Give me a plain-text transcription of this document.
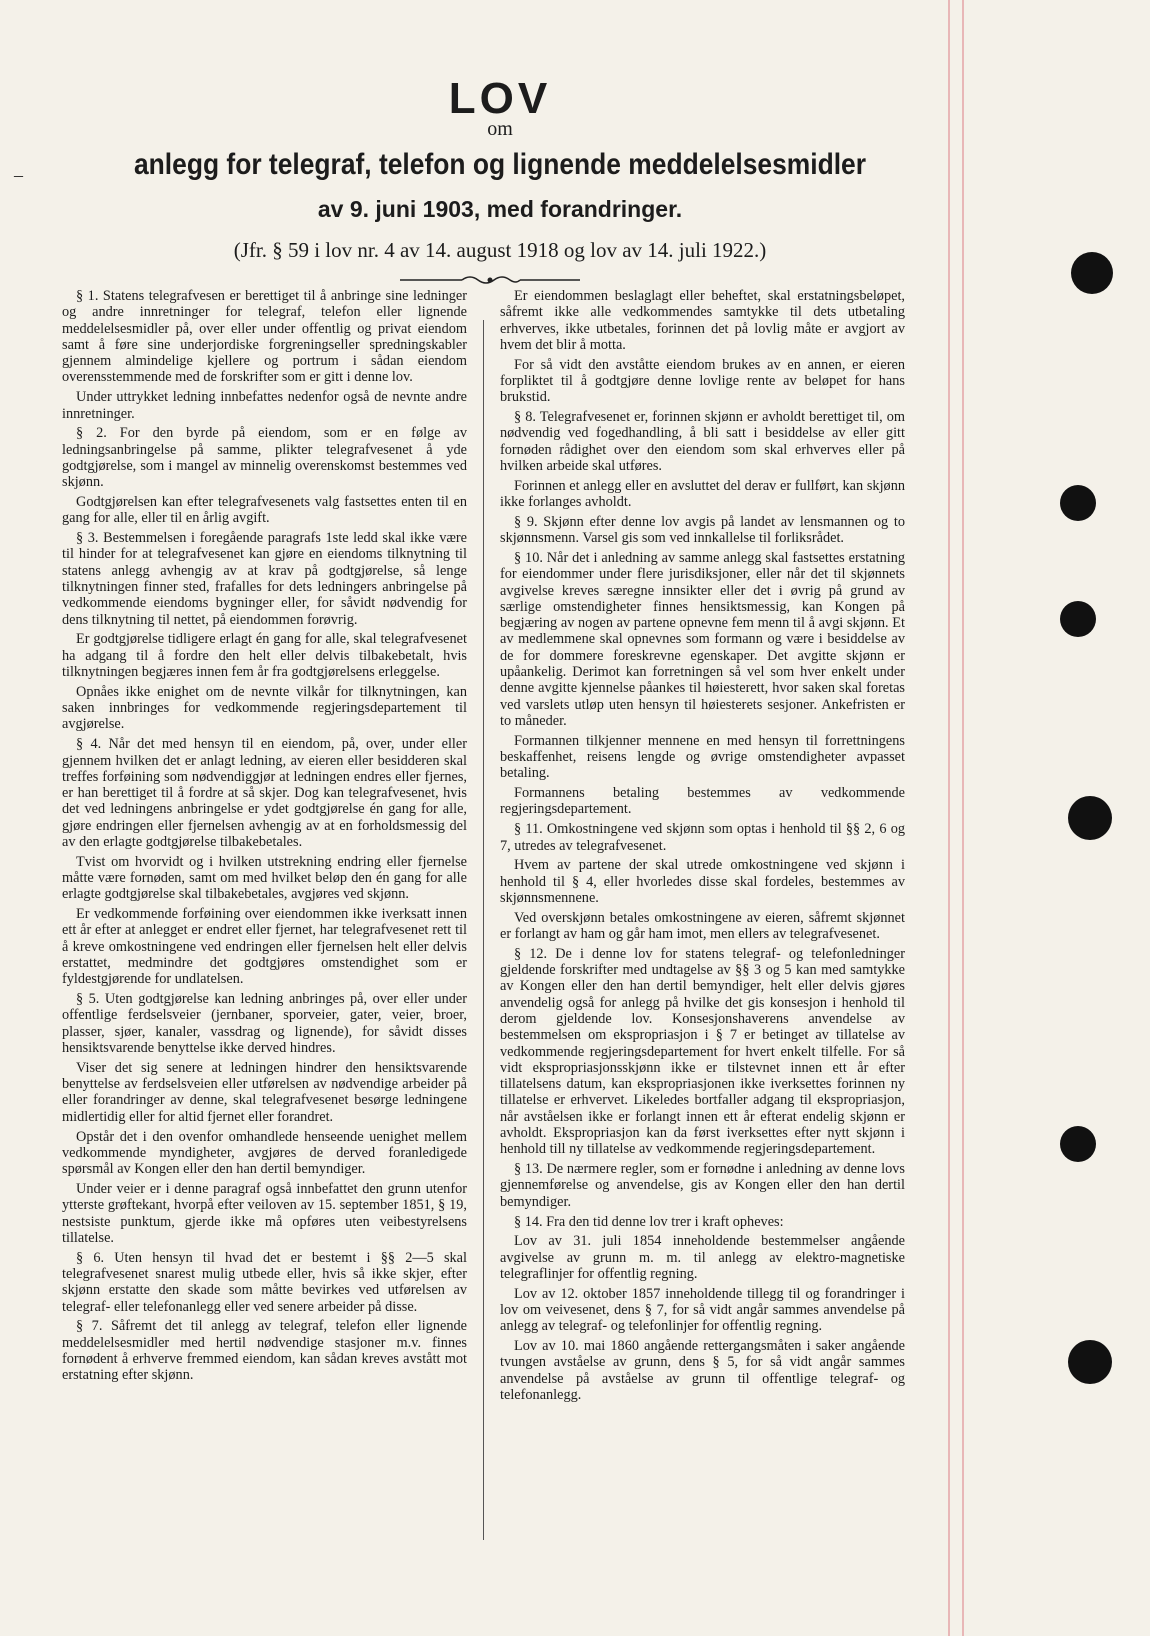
–
LOV
om
anlegg for telegraf, telefon og lignende meddelelsesmidler
av 9. juni 1903, med forandringer.
(Jfr. § 59 i lov nr. 4 av 14. august 1918 og lov av 14. juli 1922.)

§ 1. Statens telegrafvesen er berettiget til å anbringe sine ledninger og andre innretninger for telegraf, telefon eller lignende meddelelsesmidler på, over eller under offentlig og privat eiendom samt å føre sine underjordiske forgreningseller spredningskabler gjennem almindelige kjellere og portrum i sådan eiendom overensstemmende med de forskrifter som er gitt i denne lov.

Under uttrykket ledning innbefattes nedenfor også de nevnte andre innretninger.

§ 2. For den byrde på eiendom, som er en følge av ledningsanbringelse på samme, plikter telegrafvesenet å yde godtgjørelse, som i mangel av minnelig overenskomst bestemmes ved skjønn.

Godtgjørelsen kan efter telegrafvesenets valg fastsettes enten til en gang for alle, eller til en årlig avgift.

§ 3. Bestemmelsen i foregående paragrafs 1ste ledd skal ikke være til hinder for at telegrafvesenet kan gjøre en eiendoms tilknytning til statens anlegg avhengig av at krav på godtgjørelse, så lenge tilknytningen finner sted, frafalles for dets ledningers anbringelse på vedkommende eiendoms bygninger eller, for såvidt nødvendig for dens tilknytning til nettet, på eiendommen forøvrig.

Er godtgjørelse tidligere erlagt én gang for alle, skal telegrafvesenet ha adgang til å fordre den helt eller delvis tilbakebetalt, hvis tilknytningen begjæres innen fem år fra godtgjørelsens erleggelse.

Opnåes ikke enighet om de nevnte vilkår for tilknytningen, kan saken innbringes for vedkommende regjeringsdepartement til avgjørelse.

§ 4. Når det med hensyn til en eiendom, på, over, under eller gjennem hvilken det er anlagt ledning, av eieren eller besidderen skal treffes forføining som nødvendiggjør at ledningen endres eller fjernes, er han berettiget til å fordre at så skjer. Dog kan telegrafvesenet, hvis det ved ledningens anbringelse er ydet godtgjørelse én gang for alle, gjøre endringen eller fjernelsen avhengig av at en forholdsmessig del av den erlagte godtgjørelse tilbakebetales.

Tvist om hvorvidt og i hvilken utstrekning endring eller fjernelse måtte være fornøden, samt om med hvilket beløp den én gang for alle erlagte godtgjørelse skal tilbakebetales, avgjøres ved skjønn.

Er vedkommende forføining over eiendommen ikke iverksatt innen ett år efter at anlegget er endret eller fjernet, har telegrafvesenet rett til å kreve omkostningene ved endringen eller fjernelsen helt eller delvis erstattet, medmindre det godtgjøres omstendighet som er fyldestgjørende for undlatelsen.

§ 5. Uten godtgjørelse kan ledning anbringes på, over eller under offentlige ferdselsveier (jernbaner, sporveier, gater, veier, broer, plasser, sjøer, kanaler, vassdrag og lignende), for såvidt disses hensiktsvarende benyttelse ikke derved hindres.

Viser det sig senere at ledningen hindrer den hensiktsvarende benyttelse av ferdselsveien eller utførelsen av nødvendige arbeider på eller forandringer av denne, skal telegrafvesenet besørge ledningene midlertidig eller for altid fjernet eller forandret.

Opstår det i den ovenfor omhandlede henseende uenighet mellem vedkommende myndigheter, avgjøres de derved foranledigede spørsmål av Kongen eller den han dertil bemyndiger.

Under veier er i denne paragraf også innbefattet den grunn utenfor ytterste grøftekant, hvorpå efter veiloven av 15. september 1851, § 19, nestsiste punktum, gjerde ikke må opføres uten veibestyrelsens tillatelse.

§ 6. Uten hensyn til hvad det er bestemt i §§ 2—5 skal telegrafvesenet snarest mulig utbede eller, hvis så ikke skjer, efter skjønn erstatte den skade som måtte bevirkes ved utførelsen av telegraf- eller telefonanlegg eller ved senere arbeider på disse.

§ 7. Såfremt det til anlegg av telegraf, telefon eller lignende meddelelsesmidler med hertil nødvendige stasjoner m.v. finnes fornødent å erhverve fremmed eiendom, kan sådan kreves avstått mot erstatning efter skjønn.

Er eiendommen beslaglagt eller beheftet, skal erstatningsbeløpet, såfremt ikke alle vedkommendes samtykke til dets utbetaling erhverves, ikke utbetales, forinnen det på lovlig måte er avgjort av hvem det blir å motta.

For så vidt den avståtte eiendom brukes av en annen, er eieren forpliktet til å godtgjøre denne lovlige rente av beløpet for hans brukstid.

§ 8. Telegrafvesenet er, forinnen skjønn er avholdt berettiget til, om nødvendig ved fogedhandling, å bli satt i besiddelse av eller gitt fornøden rådighet over den eiendom som skal erhverves eller på hvilken arbeide skal utføres.

Forinnen et anlegg eller en avsluttet del derav er fullført, kan skjønn ikke forlanges avholdt.

§ 9. Skjønn efter denne lov avgis på landet av lensmannen og to skjønnsmenn. Varsel gis som ved innkallelse til forliksrådet.

§ 10. Når det i anledning av samme anlegg skal fastsettes erstatning for eiendommer under flere jurisdiksjoner, eller når det til skjønnets avgivelse kreves særegne innsikter eller det i øvrig på grund av særlige omstendigheter finnes hensiktsmessig, kan Kongen på begjæring av nogen av partene opnevne fem menn til å avgi skjønn. Et av medlemmene skal opnevnes som formann og være i besiddelse av de for dommere foreskrevne egenskaper. Det avgitte skjønn er upåankelig. Derimot kan forretningen så vel som hver enkelt under denne avgitte kjennelse påankes til høiesterett, hvor saken skal foretas ved varslets utløp uten hensyn til høiesterets sesjoner. Ankefristen er to måneder.

Formannen tilkjenner mennene en med hensyn til forrettningens beskaffenhet, reisens lengde og øvrige omstendigheter avpasset betaling.

Formannens betaling bestemmes av vedkommende regjeringsdepartement.

§ 11. Omkostningene ved skjønn som optas i henhold til §§ 2, 6 og 7, utredes av telegrafvesenet.

Hvem av partene der skal utrede omkostningene ved skjønn i henhold til § 4, eller hvorledes disse skal fordeles, bestemmes av skjønnsmennene.

Ved overskjønn betales omkostningene av eieren, såfremt skjønnet er forlangt av ham og går ham imot, men ellers av telegrafvesenet.

§ 12. De i denne lov for statens telegraf- og telefonledninger gjeldende forskrifter med undtagelse av §§ 3 og 5 kan med samtykke av Kongen eller den han dertil bemyndiger, helt eller delvis gjøres anvendelig også for anlegg på hvilke det gis konsesjon i henhold til derom gjeldende lov. Konsesjonshaverens anvendelse av bestemmelsen om ekspropriasjon i § 7 er betinget av tillatelse av vedkommende regjeringsdepartement for hvert enkelt tilfelle. For så vidt ekspropriasjonsskjønn ikke er tilstevnet innen ett år efter tillatelsens datum, kan ekspropriasjonen ikke iverksettes forinnen ny tillatelse er erhvervet. Likeledes bortfaller adgang til ekspropriasjon, når avståelsen ikke er forlangt innen ett år efterat endelig skjønn er avholdt. Ekspropriasjon kan da først iverksettes efter nytt skjønn i henhold till ny tillatelse av vedkommende regjeringsdepartement.

§ 13. De nærmere regler, som er fornødne i anledning av denne lovs gjennemførelse og anvendelse, gis av Kongen eller den han dertil bemyndiger.

§ 14. Fra den tid denne lov trer i kraft opheves:

Lov av 31. juli 1854 inneholdende bestemmelser angående avgivelse av grunn m. m. til anlegg av elektro-magnetiske telegraflinjer for offentlig regning.

Lov av 12. oktober 1857 inneholdende tillegg til og forandringer i lov om veivesenet, dens § 7, for så vidt angår sammes anvendelse på anlegg av telegraf- og telefonlinjer for offentlig regning.

Lov av 10. mai 1860 angående rettergangsmåten i saker angående tvungen avståelse av grunn, dens § 5, for så vidt angår sammes anvendelse på avståelse av grunn til offentlige telegraf- og telefonanlegg.
